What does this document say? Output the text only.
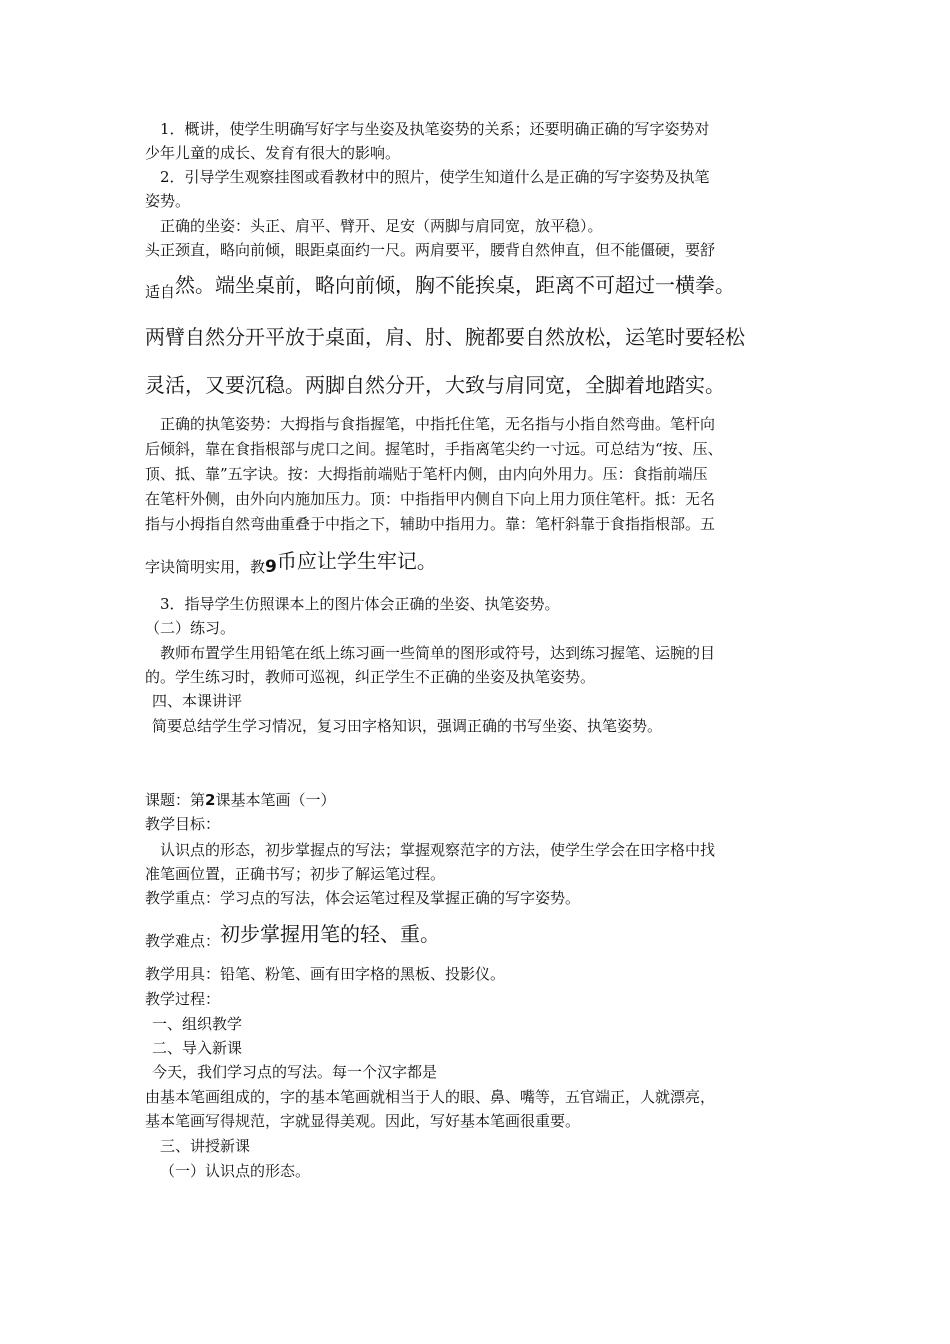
1．概讲，使学生明确写好字与坐姿及执笔姿势的关系；还要明确正确的写字姿势对
少年儿童的成长、发育有很大的影响。
2．引导学生观察挂图或看教材中的照片，使学生知道什么是正确的写字姿势及执笔
姿势。
正确的坐姿：头正、肩平、臂开、足安（两脚与肩同宽，放平稳）。
头正颈直，略向前倾，眼距桌面约一尺。两肩要平，腰背自然伸直，但不能僵硬，要舒
适自然。端坐桌前，略向前倾，胸不能挨桌，距离不可超过一横拳。
两臂自然分开平放于桌面，肩、肘、腕都要自然放松，运笔时要轻松
灵活，又要沉稳。两脚自然分开，大致与肩同宽，全脚着地踏实。
正确的执笔姿势：大拇指与食指握笔，中指托住笔，无名指与小指自然弯曲。笔杆向
后倾斜，靠在食指根部与虎口之间。握笔时，手指离笔尖约一寸远。可总结为“按、压、
顶、抵、靠”五字诀。按：大拇指前端贴于笔杆内侧，由内向外用力。压：食指前端压
在笔杆外侧，由外向内施加压力。顶：中指指甲内侧自下向上用力顶住笔杆。抵：无名
指与小拇指自然弯曲重叠于中指之下，辅助中指用力。靠：笔杆斜靠于食指指根部。五
字诀简明实用，教9币应让学生牢记。
3．指导学生仿照课本上的图片体会正确的坐姿、执笔姿势。
（二）练习。
教师布置学生用铅笔在纸上练习画一些简单的图形或符号，达到练习握笔、运腕的目
的。学生练习时，教师可巡视，纠正学生不正确的坐姿及执笔姿势。
四、本课讲评
简要总结学生学习情况，复习田字格知识，强调正确的书写坐姿、执笔姿势。
课题：第2课基本笔画（一）
教学目标：
认识点的形态，初步掌握点的写法；掌握观察范字的方法，使学生学会在田字格中找
准笔画位置，正确书写；初步了解运笔过程。
教学重点：学习点的写法，体会运笔过程及掌握正确的写字姿势。
教学难点：初步掌握用笔的轻、重。
教学用具：铅笔、粉笔、画有田字格的黑板、投影仪。
教学过程：
一、组织教学
二、导入新课
今天，我们学习点的写法。每一个汉字都是
由基本笔画组成的，字的基本笔画就相当于人的眼、鼻、嘴等，五官端正，人就漂亮，
基本笔画写得规范，字就显得美观。因此，写好基本笔画很重要。
三、讲授新课
（一）认识点的形态。
